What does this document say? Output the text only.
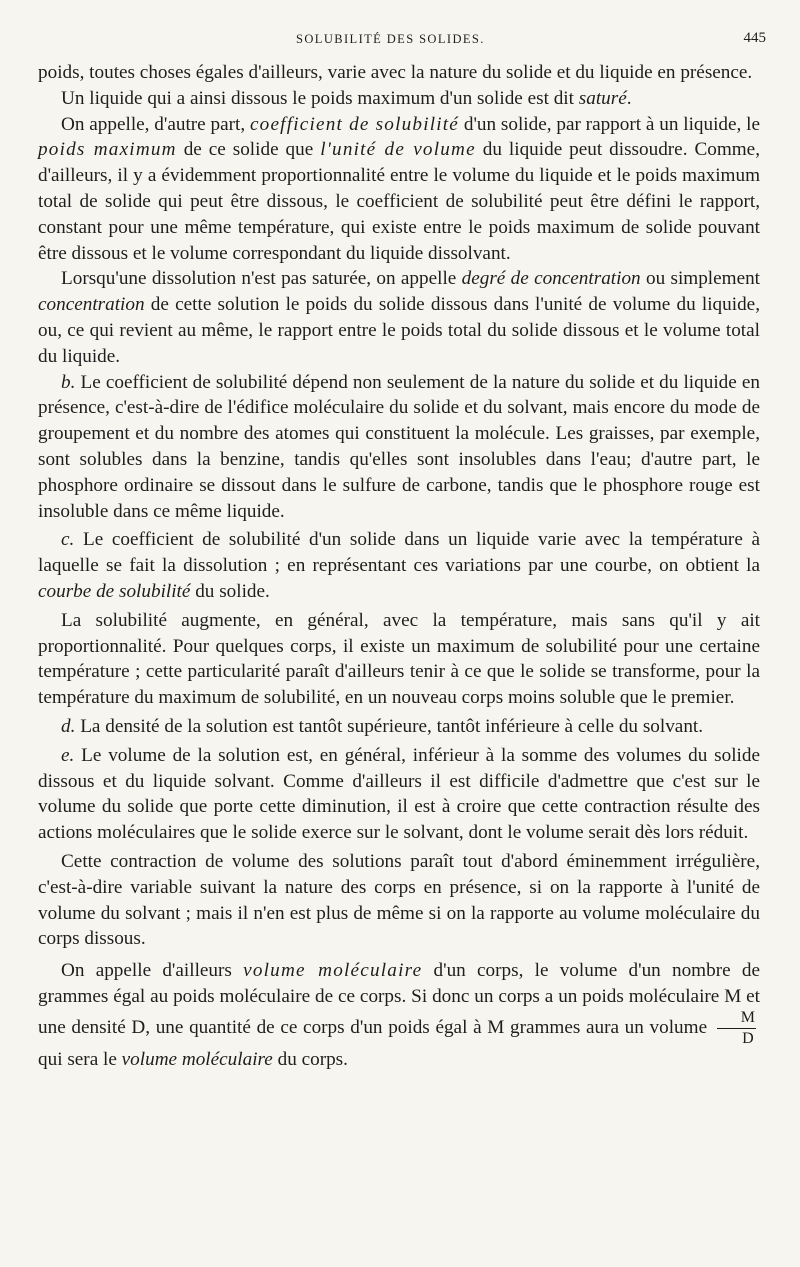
SOLUBILITÉ DES SOLIDES.	445

poids, toutes choses égales d'ailleurs, varie avec la nature du solide et du liquide en présence.

Un liquide qui a ainsi dissous le poids maximum d'un solide est dit saturé.

On appelle, d'autre part, coefficient de solubilité d'un solide, par rapport à un liquide, le poids maximum de ce solide que l'unité de volume du liquide peut dissoudre. Comme, d'ailleurs, il y a évidemment proportionnalité entre le volume du liquide et le poids maximum total de solide qui peut être dissous, le coefficient de solubilité peut être défini le rapport, constant pour une même température, qui existe entre le poids maximum de solide pouvant être dissous et le volume correspondant du liquide dissolvant.

Lorsqu'une dissolution n'est pas saturée, on appelle degré de concentration ou simplement concentration de cette solution le poids du solide dissous dans l'unité de volume du liquide, ou, ce qui revient au même, le rapport entre le poids total du solide dissous et le volume total du liquide.

b. Le coefficient de solubilité dépend non seulement de la nature du solide et du liquide en présence, c'est-à-dire de l'édifice moléculaire du solide et du solvant, mais encore du mode de groupement et du nombre des atomes qui constituent la molécule. Les graisses, par exemple, sont solubles dans la benzine, tandis qu'elles sont insolubles dans l'eau; d'autre part, le phosphore ordinaire se dissout dans le sulfure de carbone, tandis que le phosphore rouge est insoluble dans ce même liquide.

c. Le coefficient de solubilité d'un solide dans un liquide varie avec la température à laquelle se fait la dissolution ; en représentant ces variations par une courbe, on obtient la courbe de solubilité du solide.

La solubilité augmente, en général, avec la température, mais sans qu'il y ait proportionnalité. Pour quelques corps, il existe un maximum de solubilité pour une certaine température ; cette particularité paraît d'ailleurs tenir à ce que le solide se transforme, pour la température du maximum de solubilité, en un nouveau corps moins soluble que le premier.

d. La densité de la solution est tantôt supérieure, tantôt inférieure à celle du solvant.

e. Le volume de la solution est, en général, inférieur à la somme des volumes du solide dissous et du liquide solvant. Comme d'ailleurs il est difficile d'admettre que c'est sur le volume du solide que porte cette diminution, il est à croire que cette contraction résulte des actions moléculaires que le solide exerce sur le solvant, dont le volume serait dès lors réduit.

Cette contraction de volume des solutions paraît tout d'abord éminemment irrégulière, c'est-à-dire variable suivant la nature des corps en présence, si on la rapporte à l'unité de volume du solvant ; mais il n'en est plus de même si on la rapporte au volume moléculaire du corps dissous.

On appelle d'ailleurs volume moléculaire d'un corps, le volume d'un nombre de grammes égal au poids moléculaire de ce corps. Si donc un corps a un poids moléculaire M et une densité D, une quantité de ce corps d'un poids égal à M grammes aura un volume $\frac{M}{D}$
qui sera le volume moléculaire du corps.
